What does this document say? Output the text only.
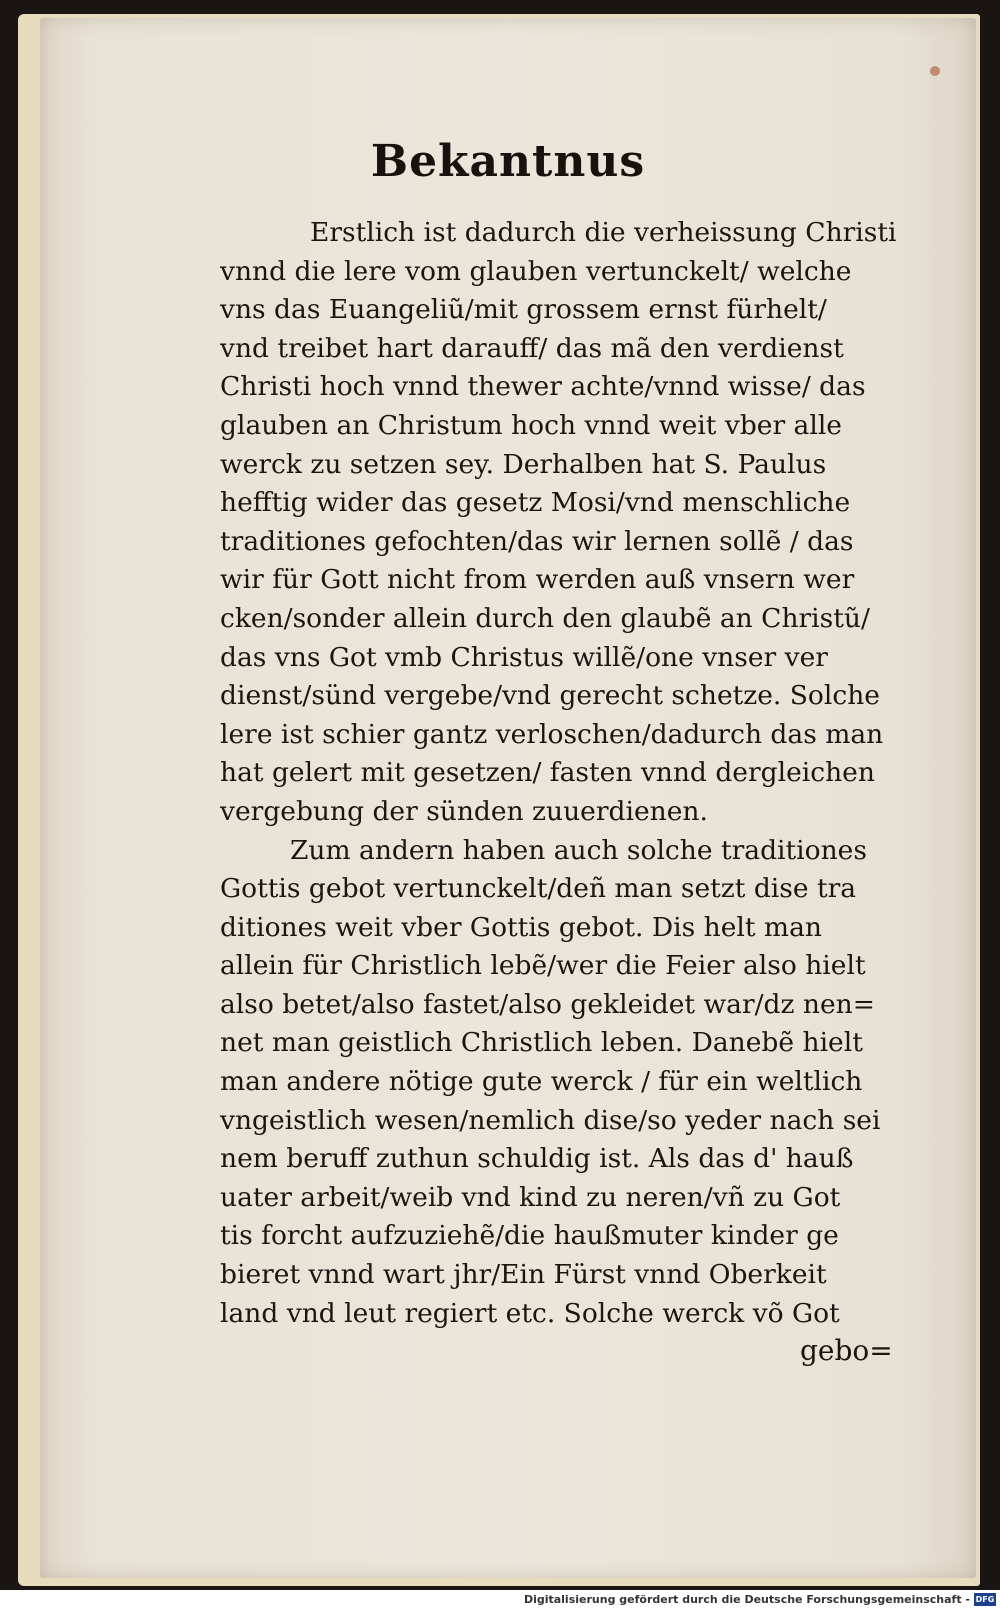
Bekantnus
Erstlich ist dadurch die verheissung Christi
vnnd die lere vom glauben vertunckelt/ welche
vns das Euangeliũ/mit grossem ernst fürhelt/
vnd treibet hart darauff/ das mã den verdienst
Christi hoch vnnd thewer achte/vnnd wisse/ das
glauben an Christum hoch vnnd weit vber alle
werck zu setzen sey. Derhalben hat S. Paulus
hefftig wider das gesetz Mosi/vnd menschliche
traditiones gefochten/das wir lernen sollẽ / das
wir für Gott nicht from werden auß vnsern wer
cken/sonder allein durch den glaubẽ an Christũ/
das vns Got vmb Christus willẽ/one vnser ver
dienst/sünd vergebe/vnd gerecht schetze. Solche
lere ist schier gantz verloschen/dadurch das man
hat gelert mit gesetzen/ fasten vnnd dergleichen
vergebung der sünden zuuerdienen.
Zum andern haben auch solche traditiones
Gottis gebot vertunckelt/deñ man setzt dise tra
ditiones weit vber Gottis gebot. Dis helt man
allein für Christlich lebẽ/wer die Feier also hielt
also betet/also fastet/also gekleidet war/dz nen=
net man geistlich Christlich leben. Danebẽ hielt
man andere nötige gute werck / für ein weltlich
vngeistlich wesen/nemlich dise/so yeder nach sei
nem beruff zuthun schuldig ist. Als das d' hauß
uater arbeit/weib vnd kind zu neren/vñ zu Got
tis forcht aufzuziehẽ/die haußmuter kinder ge
bieret vnnd wart jhr/Ein Fürst vnnd Oberkeit
land vnd leut regiert etc. Solche werck võ Got
gebo=
Digitalisierung gefördert durch die Deutsche Forschungsgemeinschaft - DFG
